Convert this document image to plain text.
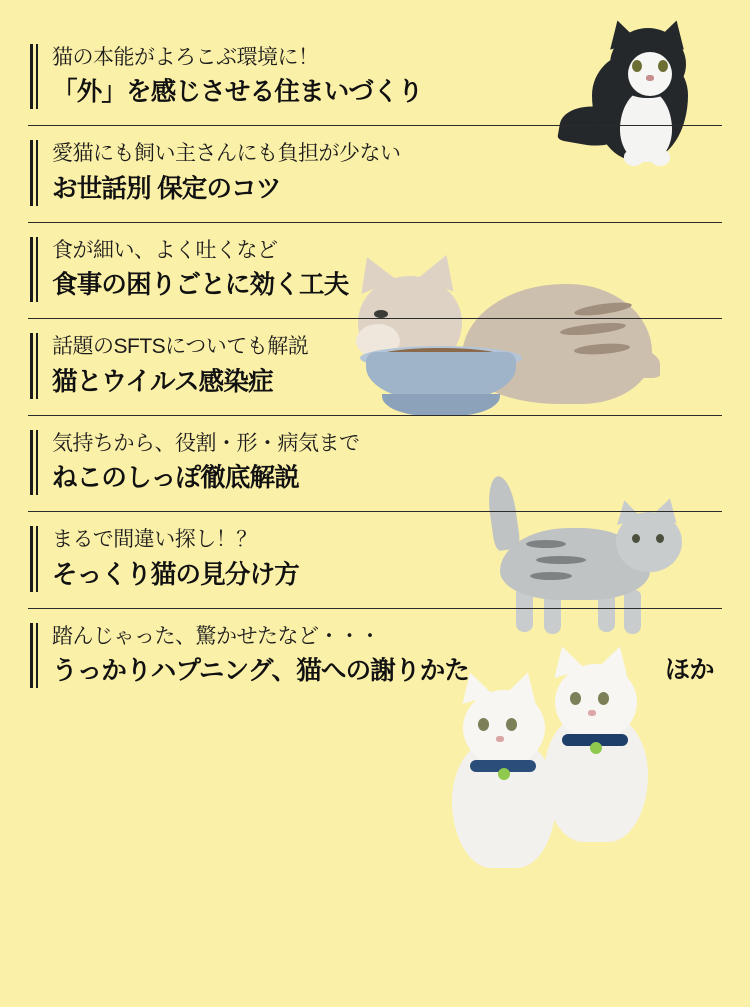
猫の本能がよろこぶ環境に！
「外」を感じさせる住まいづくり
愛猫にも飼い主さんにも負担が少ない
お世話別 保定のコツ
食が細い、よく吐くなど
食事の困りごとに効く工夫
話題のSFTSについても解説
猫とウイルス感染症
気持ちから、役割・形・病気まで
ねこのしっぽ徹底解説
まるで間違い探し！？
そっくり猫の見分け方
踏んじゃった、驚かせたなど・・・
うっかりハプニング、猫への謝りかた	ほか
